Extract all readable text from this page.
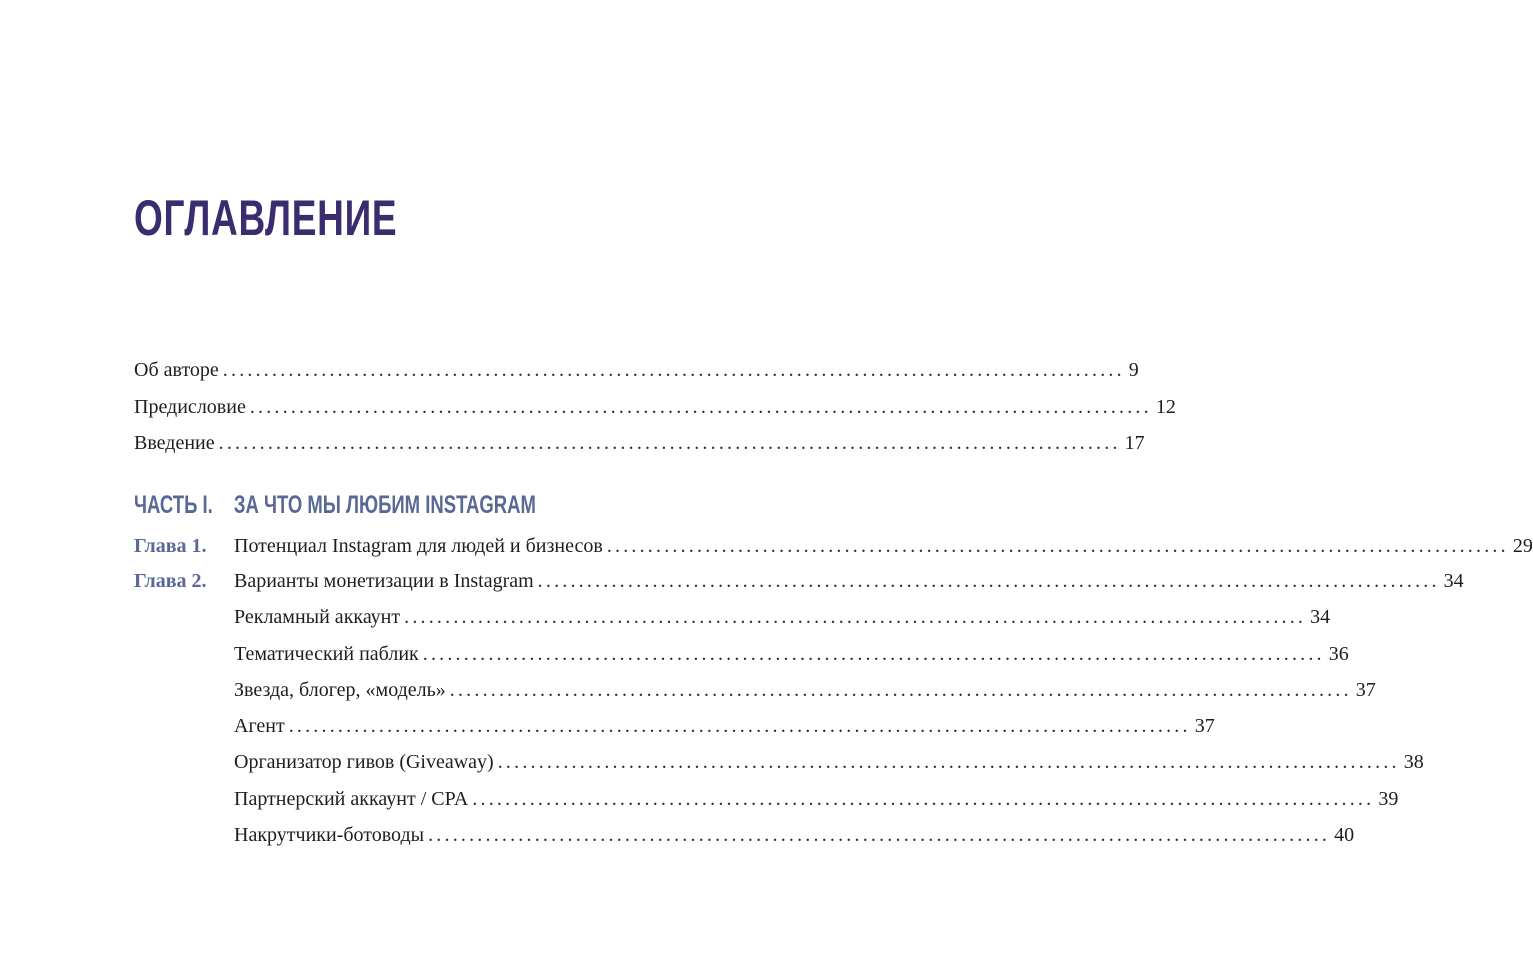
ОГЛАВЛЕНИЕ
Об авторе .............................................................................................................. 9
Предисловие .............................................................................................................. 12
Введение .............................................................................................................. 17
ЧАСТЬ I. ЗА ЧТО МЫ ЛЮБИМ INSTAGRAM
Глава 1.	Потенциал Instagram для людей и бизнесов .............................................................................................................. 29
Глава 2.	Варианты монетизации в Instagram .............................................................................................................. 34
Рекламный аккаунт .............................................................................................................. 34
Тематический паблик .............................................................................................................. 36
Звезда, блогер, «модель» .............................................................................................................. 37
Агент .............................................................................................................. 37
Организатор гивов (Giveaway) .............................................................................................................. 38
Партнерский аккаунт / CPA .............................................................................................................. 39
Накрутчики-ботоводы .............................................................................................................. 40
